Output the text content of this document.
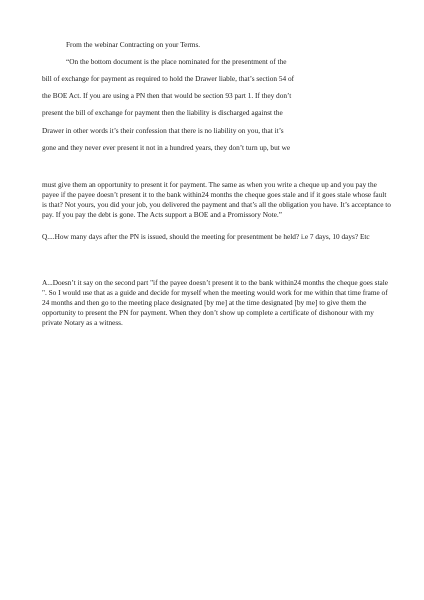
From the webinar Contracting on your Terms.
“On the bottom document is the place nominated for the presentment of the
bill of exchange for payment as required to hold the Drawer liable, that’s section 54 of
the BOE Act. If you are using a PN then that would be section 93 part 1. If they don’t
present the bill of exchange for payment then the liability is discharged against the
Drawer in other words it’s their confession that there is no liability on you, that it’s
gone and they never ever present it not in a hundred years, they don’t turn up, but we

must give them an opportunity to present it for payment. The same as when you write a cheque up and you pay the payee if the payee doesn’t present it to the bank within24 months the cheque goes stale and if it goes stale whose fault is that? Not yours, you did your job, you delivered the payment and that’s all the obligation you have. It’s acceptance to pay. If you pay the debt is gone. The Acts support a BOE and a Promissory Note.”

Q....How many days after the PN is issued, should the meeting for presentment be held? i.e 7 days, 10 days? Etc

A...Doesn’t it say on the second part "if the payee doesn’t present it to the bank within24 months the cheque goes stale ". So I would use that as a guide and decide for myself when the meeting would work for me within that time frame of 24 months and then go to the meeting place designated [by me] at the time designated [by me] to give them the opportunity to present the PN for payment. When they don’t show up complete a certificate of dishonour with my private Notary as a witness.
